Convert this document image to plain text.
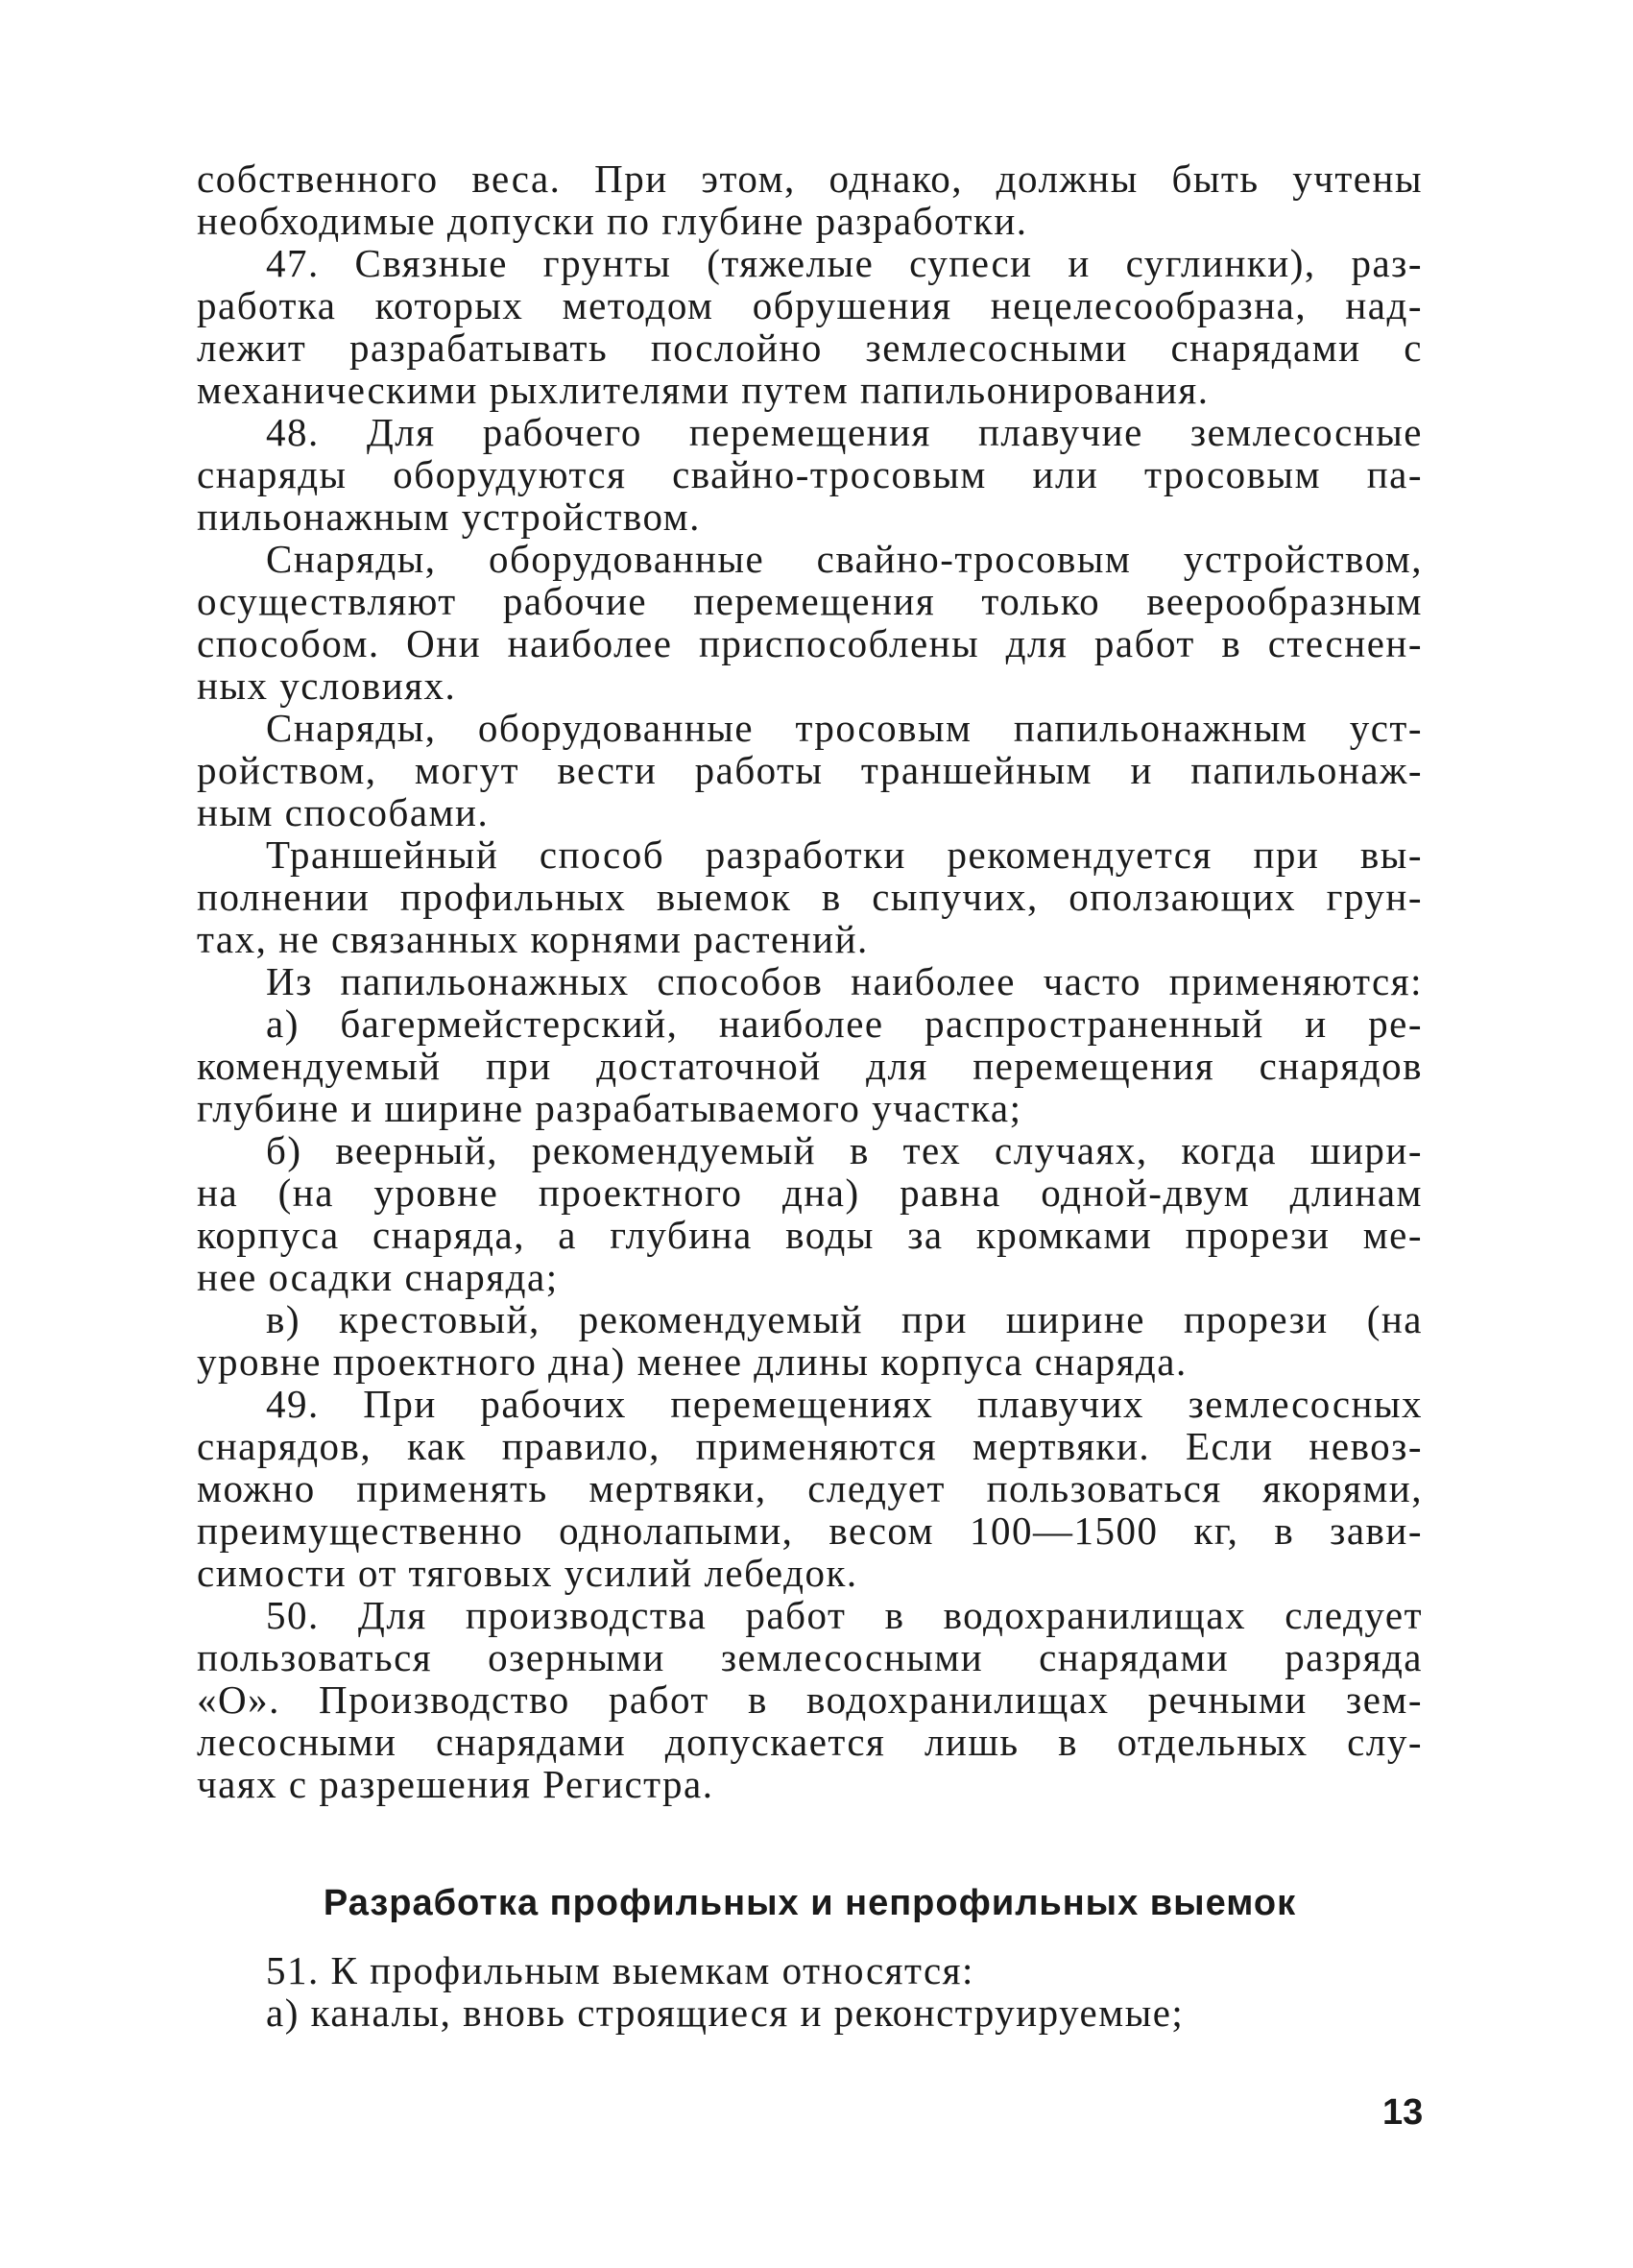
собственного веса. При этом, однако, должны быть учтены
необходимые допуски по глубине разработки.
47. Связные грунты (тяжелые супеси и суглинки), раз-
работка которых методом обрушения нецелесообразна, над-
лежит разрабатывать послойно землесосными снарядами с
механическими рыхлителями путем папильонирования.
48. Для рабочего перемещения плавучие землесосные
снаряды оборудуются свайно-тросовым или тросовым па-
пильонажным устройством.
Снаряды, оборудованные свайно-тросовым устройством,
осуществляют рабочие перемещения только веерообразным
способом. Они наиболее приспособлены для работ в стеснен-
ных условиях.
Снаряды, оборудованные тросовым папильонажным уст-
ройством, могут вести работы траншейным и папильонаж-
ным способами.
Траншейный способ разработки рекомендуется при вы-
полнении профильных выемок в сыпучих, оползающих грун-
тах, не связанных корнями растений.
Из папильонажных способов наиболее часто применяются:
а) багермейстерский, наиболее распространенный и ре-
комендуемый при достаточной для перемещения снарядов
глубине и ширине разрабатываемого участка;
б) веерный, рекомендуемый в тех случаях, когда шири-
на (на уровне проектного дна) равна одной-двум длинам
корпуса снаряда, а глубина воды за кромками прорези ме-
нее осадки снаряда;
в) крестовый, рекомендуемый при ширине прорези (на
уровне проектного дна) менее длины корпуса снаряда.
49. При рабочих перемещениях плавучих землесосных
снарядов, как правило, применяются мертвяки. Если невоз-
можно применять мертвяки, следует пользоваться якорями,
преимущественно однолапыми, весом 100—1500 кг, в зави-
симости от тяговых усилий лебедок.
50. Для производства работ в водохранилищах следует
пользоваться озерными землесосными снарядами разряда
«О». Производство работ в водохранилищах речными зем-
лесосными снарядами допускается лишь в отдельных слу-
чаях с разрешения Регистра.
Разработка профильных и непрофильных выемок
51. К профильным выемкам относятся:
а) каналы, вновь строящиеся и реконструируемые;
13
